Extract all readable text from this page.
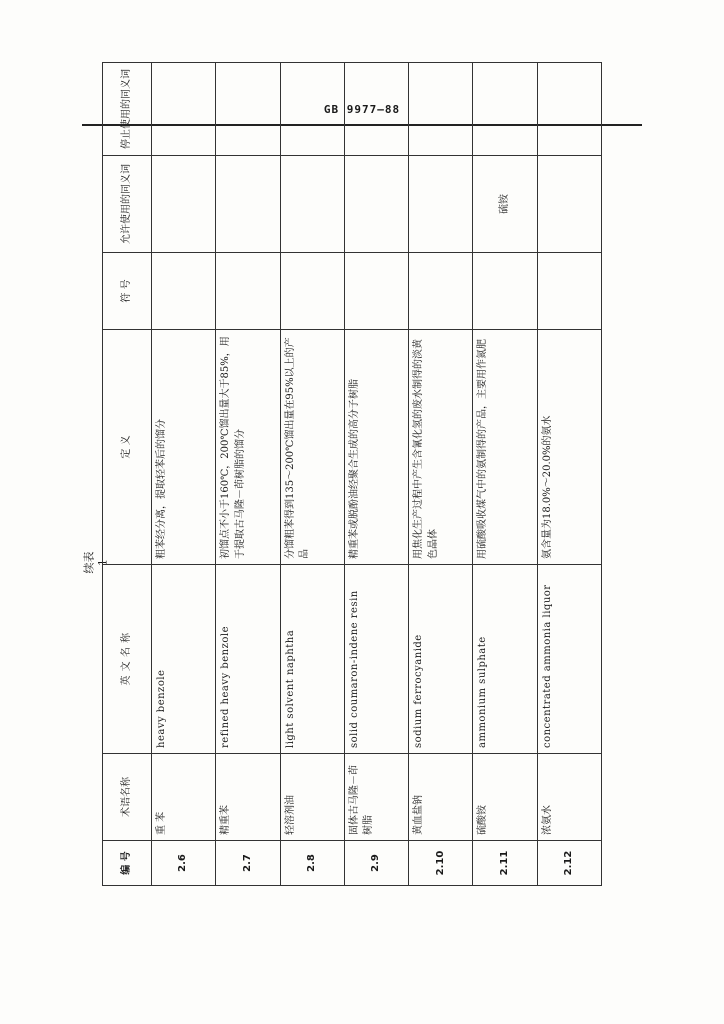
GB 9977—88
续表 1
编 号	术语名称	英 文 名 称	定 义	符 号	允许使用的同义词	停止使用的同义词
2.6	重 苯	heavy benzole	粗苯经分离，提取轻苯后的馏分			
2.7	精重苯	refined heavy benzole	初馏点不小于160℃，200℃馏出量大于85%，用于提取古马隆－茚树脂的馏分			
2.8	轻溶剂油	light solvent naphtha	分馏粗苯得到135～200℃馏出量在95%以上的产品			
2.9	固体古马隆－茚树脂	solid coumaron-indene resin	精重苯或脱酚油经聚合生成的高分子树脂			
2.10	黄血盐钠	sodium ferrocyanide	用焦化生产过程中产生含氰化氢的废水制得的淡黄色晶体			
2.11	硫酸铵	ammonium sulphate	用硫酸吸收煤气中的氨制得的产品，主要用作氮肥		硫铵	
2.12	浓氨水	concentrated ammonia liquor	氨含量为18.0%～20.0%的氨水			
